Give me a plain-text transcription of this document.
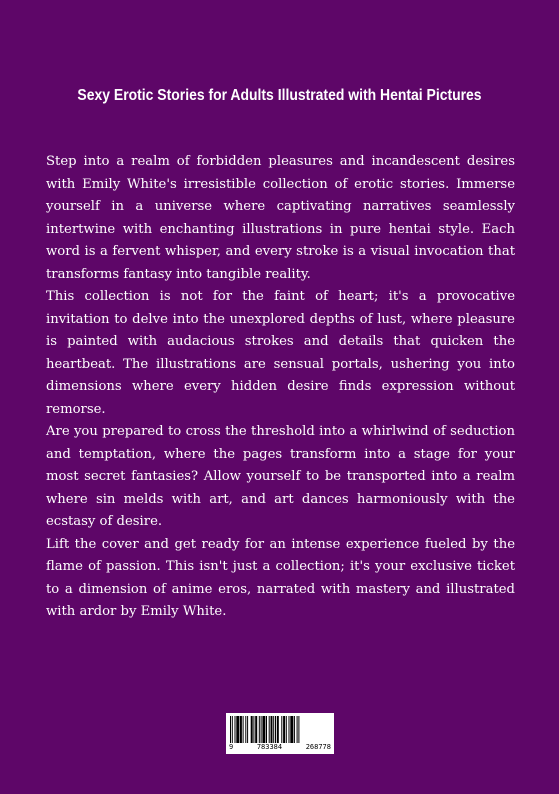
Sexy Erotic Stories for Adults Illustrated with Hentai Pictures

Step into a realm of forbidden pleasures and incandescent desires with Emily White's irresistible collection of erotic stories. Immerse yourself in a universe where captivating narratives seamlessly intertwine with enchanting illustrations in pure hentai style. Each word is a fervent whisper, and every stroke is a visual invocation that transforms fantasy into tangible reality.

This collection is not for the faint of heart; it's a provocative invitation to delve into the unexplored depths of lust, where pleasure is painted with audacious strokes and details that quicken the heartbeat. The illustrations are sensual portals, ushering you into dimensions where every hidden desire finds expression without remorse.

Are you prepared to cross the threshold into a whirlwind of seduction and temptation, where the pages transform into a stage for your most secret fantasies? Allow yourself to be transported into a realm where sin melds with art, and art dances harmoniously with the ecstasy of desire.

Lift the cover and get ready for an intense experience fueled by the flame of passion. This isn't just a collection; it's your exclusive ticket to a dimension of anime eros, narrated with mastery and illustrated with ardor by Emily White.

9	783384	268778
